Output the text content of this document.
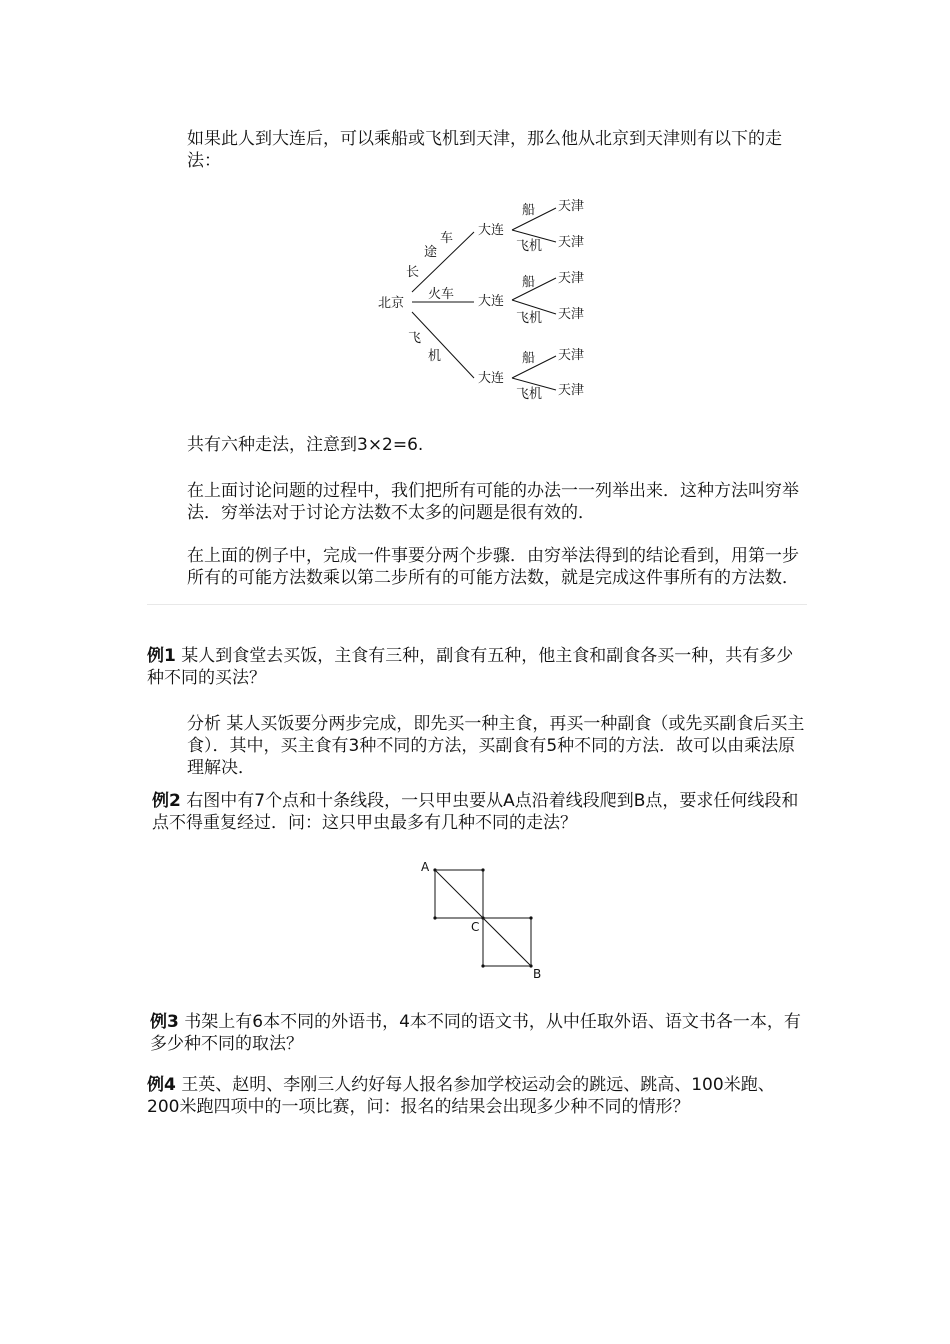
如果此人到大连后，可以乘船或飞机到天津，那么他从北京到天津则有以下的走法：
北京
大连
大连
大连
长
途
车
火车
飞
机
船
飞机
天津
天津
船
飞机
天津
天津
船
飞机
天津
天津
共有六种走法，注意到3×2=6.
在上面讨论问题的过程中，我们把所有可能的办法一一列举出来．这种方法叫穷举法．穷举法对于讨论方法数不太多的问题是很有效的．
在上面的例子中，完成一件事要分两个步骤．由穷举法得到的结论看到，用第一步所有的可能方法数乘以第二步所有的可能方法数，就是完成这件事所有的方法数．
例1 某人到食堂去买饭，主食有三种，副食有五种，他主食和副食各买一种，共有多少种不同的买法？
分析 某人买饭要分两步完成，即先买一种主食，再买一种副食（或先买副食后买主食）．其中，买主食有3种不同的方法，买副食有5种不同的方法．故可以由乘法原理解决．
例2 右图中有7个点和十条线段，一只甲虫要从A点沿着线段爬到B点，要求任何线段和点不得重复经过．问：这只甲虫最多有几种不同的走法？
A
C
B
例3 书架上有6本不同的外语书，4本不同的语文书，从中任取外语、语文书各一本，有多少种不同的取法？
例4 王英、赵明、李刚三人约好每人报名参加学校运动会的跳远、跳高、100米跑、200米跑四项中的一项比赛，问：报名的结果会出现多少种不同的情形？
